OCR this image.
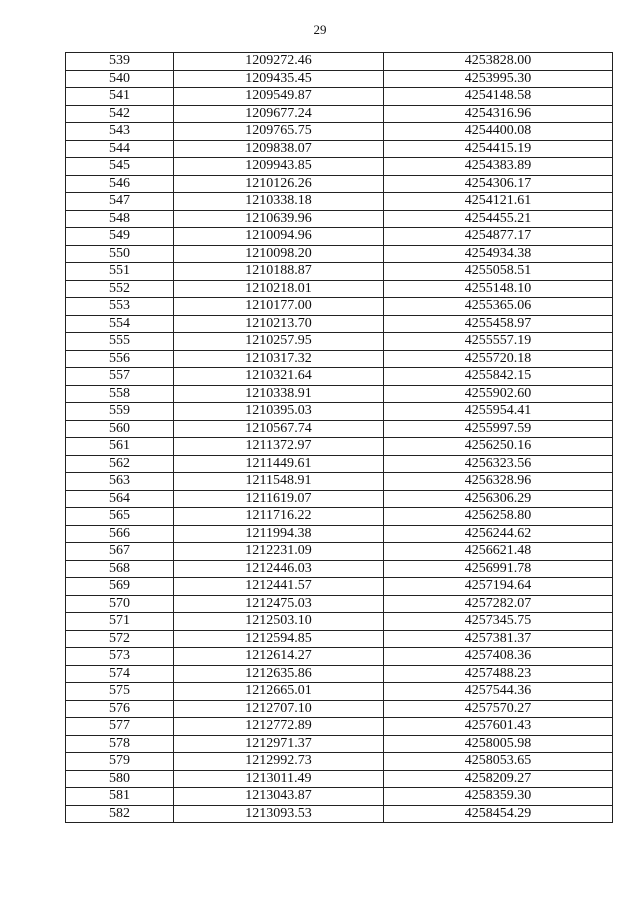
29
539	1209272.46	4253828.00
540	1209435.45	4253995.30
541	1209549.87	4254148.58
542	1209677.24	4254316.96
543	1209765.75	4254400.08
544	1209838.07	4254415.19
545	1209943.85	4254383.89
546	1210126.26	4254306.17
547	1210338.18	4254121.61
548	1210639.96	4254455.21
549	1210094.96	4254877.17
550	1210098.20	4254934.38
551	1210188.87	4255058.51
552	1210218.01	4255148.10
553	1210177.00	4255365.06
554	1210213.70	4255458.97
555	1210257.95	4255557.19
556	1210317.32	4255720.18
557	1210321.64	4255842.15
558	1210338.91	4255902.60
559	1210395.03	4255954.41
560	1210567.74	4255997.59
561	1211372.97	4256250.16
562	1211449.61	4256323.56
563	1211548.91	4256328.96
564	1211619.07	4256306.29
565	1211716.22	4256258.80
566	1211994.38	4256244.62
567	1212231.09	4256621.48
568	1212446.03	4256991.78
569	1212441.57	4257194.64
570	1212475.03	4257282.07
571	1212503.10	4257345.75
572	1212594.85	4257381.37
573	1212614.27	4257408.36
574	1212635.86	4257488.23
575	1212665.01	4257544.36
576	1212707.10	4257570.27
577	1212772.89	4257601.43
578	1212971.37	4258005.98
579	1212992.73	4258053.65
580	1213011.49	4258209.27
581	1213043.87	4258359.30
582	1213093.53	4258454.29
